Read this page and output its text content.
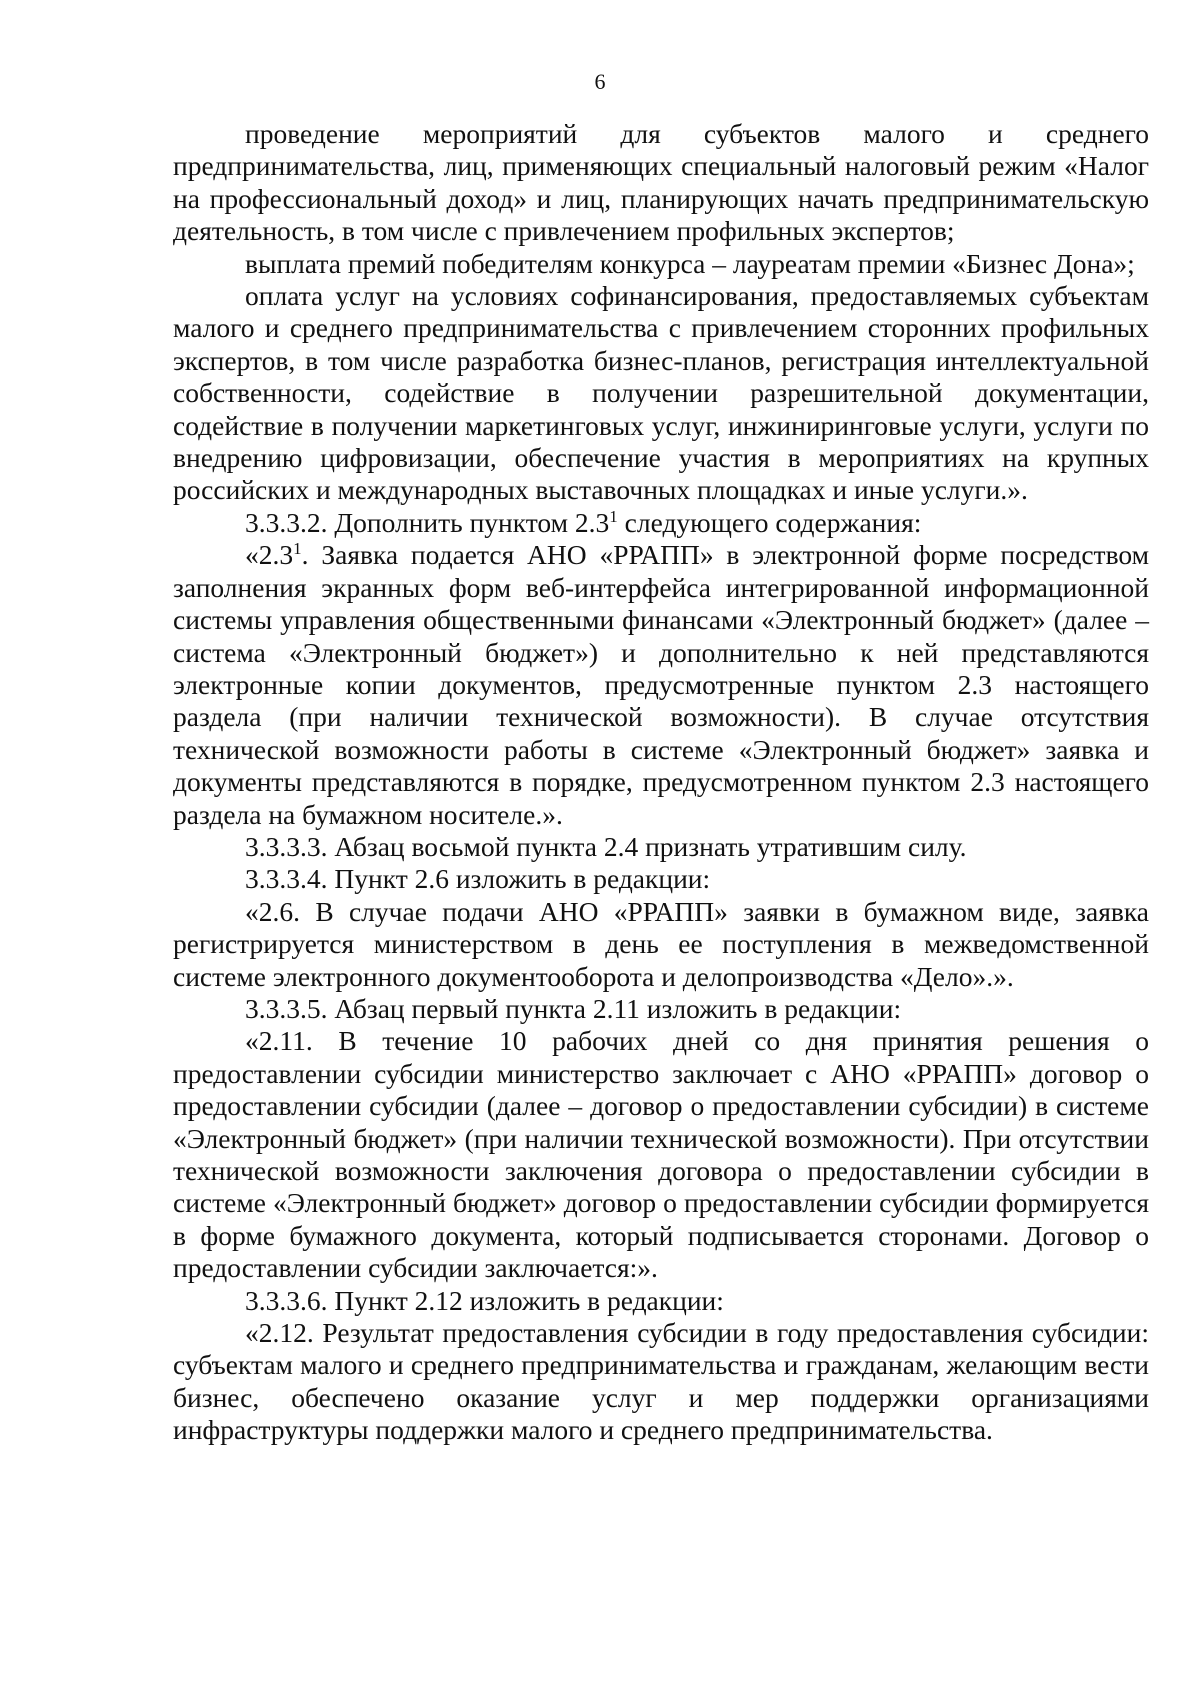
6

проведение мероприятий для субъектов малого и среднего предпринимательства, лиц, применяющих специальный налоговый режим «Налог на профессиональный доход» и лиц, планирующих начать предпринимательскую деятельность, в том числе с привлечением профильных экспертов;

выплата премий победителям конкурса – лауреатам премии «Бизнес Дона»;

оплата услуг на условиях софинансирования, предоставляемых субъектам малого и среднего предпринимательства с привлечением сторонних профильных экспертов, в том числе разработка бизнес-планов, регистрация интеллектуальной собственности, содействие в получении разрешительной документации, содействие в получении маркетинговых услуг, инжиниринговые услуги, услуги по внедрению цифровизации, обеспечение участия в мероприятиях на крупных российских и международных выставочных площадках и иные услуги.».

3.3.3.2. Дополнить пунктом $2.3^1$ следующего содержания:

«$2.3^1$. Заявка подается АНО «РРАПП» в электронной форме посредством заполнения экранных форм веб-интерфейса интегрированной информационной системы управления общественными финансами «Электронный бюджет» (далее – система «Электронный бюджет») и дополнительно к ней представляются электронные копии документов, предусмотренные пунктом 2.3 настоящего раздела (при наличии технической возможности). В случае отсутствия технической возможности работы в системе «Электронный бюджет» заявка и документы представляются в порядке, предусмотренном пунктом 2.3 настоящего раздела на бумажном носителе.».

3.3.3.3. Абзац восьмой пункта 2.4 признать утратившим силу.

3.3.3.4. Пункт 2.6 изложить в редакции:

«2.6. В случае подачи АНО «РРАПП» заявки в бумажном виде, заявка регистрируется министерством в день ее поступления в межведомственной системе электронного документооборота и делопроизводства «Дело».».

3.3.3.5. Абзац первый пункта 2.11 изложить в редакции:

«2.11. В течение 10 рабочих дней со дня принятия решения о предоставлении субсидии министерство заключает с АНО «РРАПП» договор о предоставлении субсидии (далее – договор о предоставлении субсидии) в системе «Электронный бюджет» (при наличии технической возможности). При отсутствии технической возможности заключения договора о предоставлении субсидии в системе «Электронный бюджет» договор о предоставлении субсидии формируется в форме бумажного документа, который подписывается сторонами. Договор о предоставлении субсидии заключается:».

3.3.3.6. Пункт 2.12 изложить в редакции:

«2.12. Результат предоставления субсидии в году предоставления субсидии: субъектам малого и среднего предпринимательства и гражданам, желающим вести бизнес, обеспечено оказание услуг и мер поддержки организациями инфраструктуры поддержки малого и среднего предпринимательства.
